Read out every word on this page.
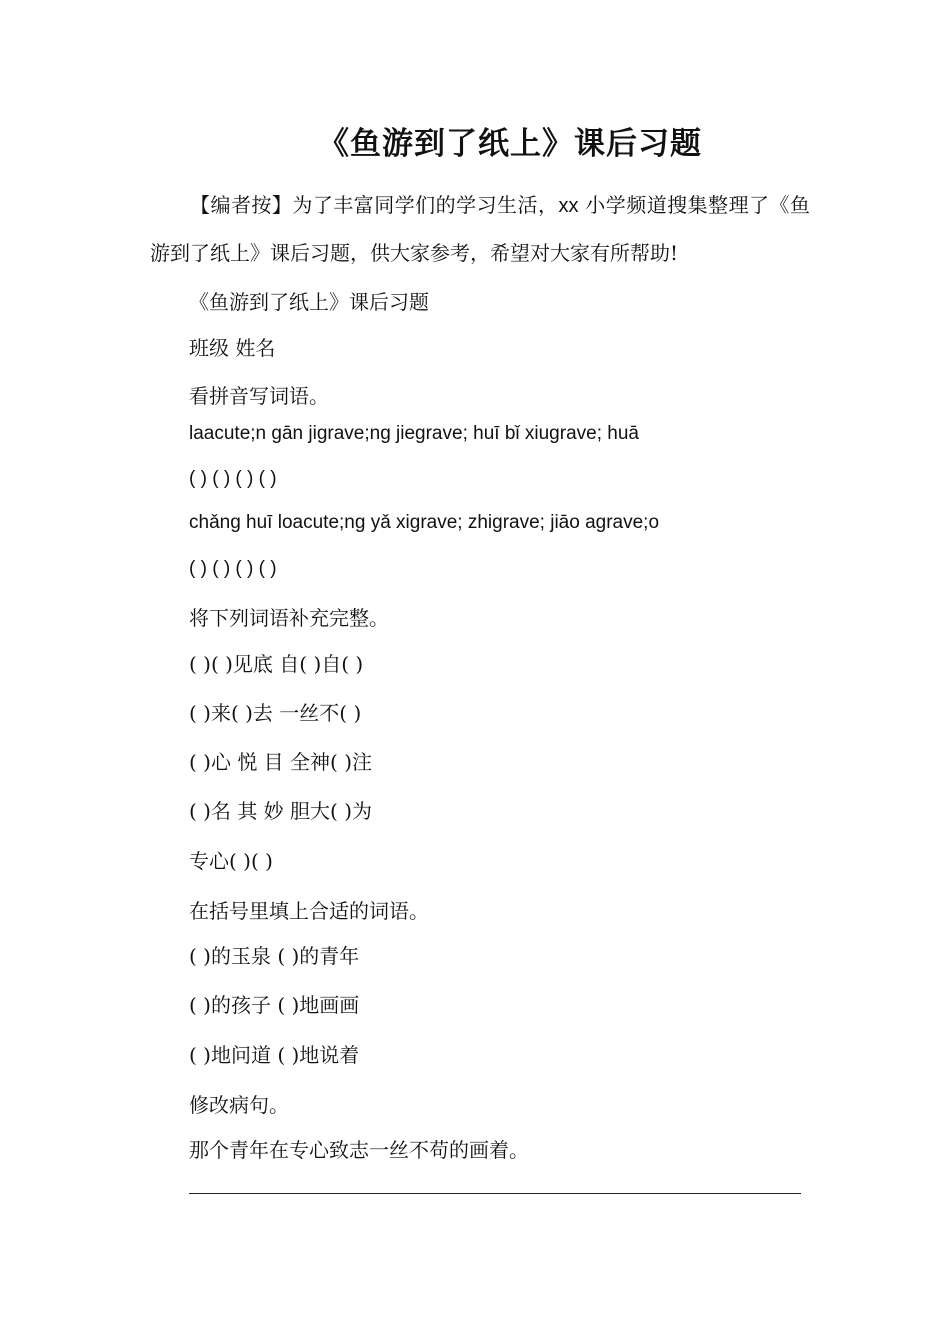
《鱼游到了纸上》课后习题
【编者按】为了丰富同学们的学习生活，xx 小学频道搜集整理了《鱼游到了纸上》课后习题，供大家参考，希望对大家有所帮助!
《鱼游到了纸上》课后习题
班级 姓名
看拼音写词语。
laacute;n gān jigrave;ng jiegrave; huī bǐ xiugrave; huā
( ) ( ) ( ) ( )
chǎng huī loacute;ng yǎ xigrave; zhigrave; jiāo agrave;o
( ) ( ) ( ) ( )
将下列词语补充完整。
( )( )见底 自( )自( )
( )来( )去 一丝不( )
( )心 悦 目 全神( )注
( )名 其 妙 胆大( )为
专心( )( )
在括号里填上合适的词语。
( )的玉泉 ( )的青年
( )的孩子 ( )地画画
( )地问道 ( )地说着
修改病句。
那个青年在专心致志一丝不苟的画着。
